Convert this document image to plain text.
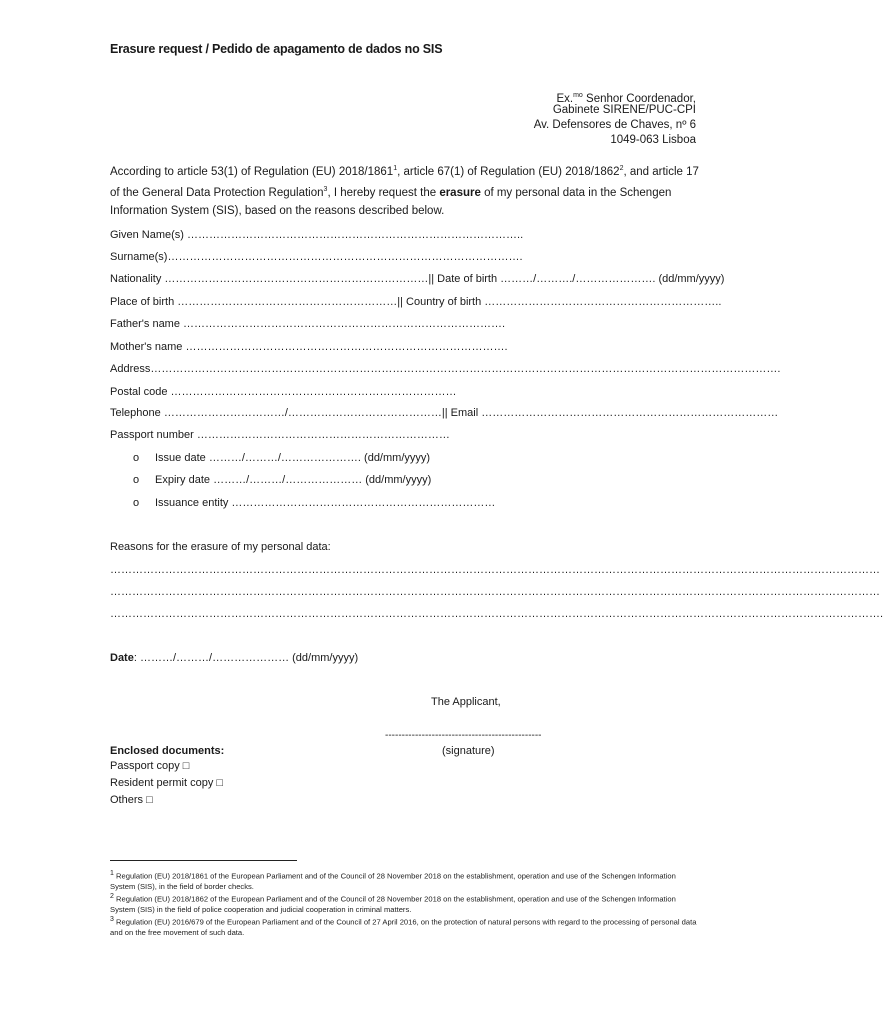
Erasure request / Pedido de apagamento de dados no SIS
Ex.$^{mo}$ Senhor Coordenador,
Gabinete SIRENE/PUC-CPI
Av. Defensores de Chaves, nº 6
1049-063 Lisboa
According to article 53(1) of Regulation (EU) 2018/1861$^1$, article 67(1) of Regulation (EU) 2018/1862$^2$, and article 17 of the General Data Protection Regulation$^3$, I hereby request the erasure of my personal data in the Schengen Information System (SIS), based on the reasons described below.
Given Name(s) ………………………………………………………………………………..
Surname(s)…………………………………………………………………………………….
Nationality ………………………………………………………………|| Date of birth ………/………./…………………. (dd/mm/yyyy)
Place of birth ……………………………………………………|| Country of birth ………………………………………………………..
Father's name …………………………………………………………………………….
Mother's name …………………………………………………………………………….
Address……………………………………………………………………………………………………………………………………………………….
Postal code ……………………………………………………………………
Telephone ……………………………/……………………………………|| Email ………………………………………………………………………
Passport number ……………………………………………………………
o Issue date ………/………/…………………. (dd/mm/yyyy)
o Expiry date ………/………/………………… (dd/mm/yyyy)
o Issuance entity ………………………………………………………………
Reasons for the erasure of my personal data:
…………………………………………………………………………………………………………………………………………………………………………………………
…………………………………………………………………………………………………………………………………………………………………………………………
………………………………………………………………………………………………………………………………………………………………………………………….
Date: ………/………/………………… (dd/mm/yyyy)
The Applicant,
-----------------------------------------------
Enclosed documents:	(signature)
Passport copy □
Resident permit copy □
Others □
$^1$ Regulation (EU) 2018/1861 of the European Parliament and of the Council of 28 November 2018 on the establishment, operation and use of the Schengen Information System (SIS), in the field of border checks.
$^2$ Regulation (EU) 2018/1862 of the European Parliament and of the Council of 28 November 2018 on the establishment, operation and use of the Schengen Information System (SIS) in the field of police cooperation and judicial cooperation in criminal matters.
$^3$ Regulation (EU) 2016/679 of the European Parliament and of the Council of 27 April 2016, on the protection of natural persons with regard to the processing of personal data and on the free movement of such data.
